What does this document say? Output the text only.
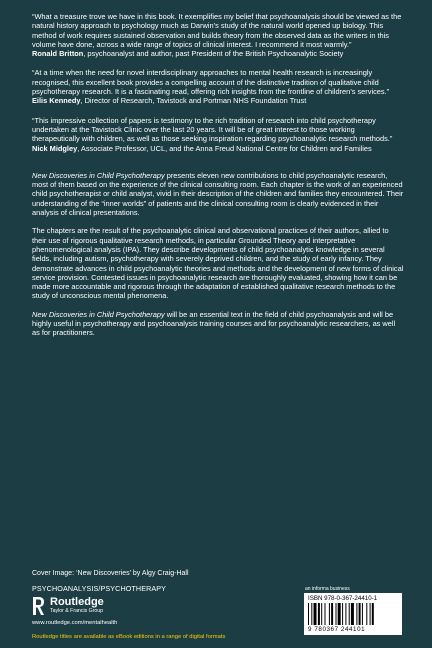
“What a treasure trove we have in this book. It exemplifies my belief that psychoanalysis should be viewed as the natural history approach to psychology much as Darwin’s study of the natural world opened up biology. This method of work requires sustained observation and builds theory from the observed data as the writers in this volume have done, across a wide range of topics of clinical interest. I recommend it most warmly.”

Ronald Britton, psychoanalyst and author, past President of the British Psychoanalytic Society

“At a time when the need for novel interdisciplinary approaches to mental health research is increasingly recognised, this excellent book provides a compelling account of the distinctive tradition of qualitative child psychotherapy research. It is a fascinating read, offering rich insights from the frontline of children’s services.”

Eilis Kennedy, Director of Research, Tavistock and Portman NHS Foundation Trust

“This impressive collection of papers is testimony to the rich tradition of research into child psychotherapy undertaken at the Tavistock Clinic over the last 20 years. It will be of great interest to those working therapeutically with children, as well as those seeking inspiration regarding psychoanalytic research methods.”

Nick Midgley, Associate Professor, UCL, and the Anna Freud National Centre for Children and Families

New Discoveries in Child Psychotherapy presents eleven new contributions to child psychoanalytic research, most of them based on the experience of the clinical consulting room. Each chapter is the work of an experienced child psychotherapist or child analyst, vivid in their description of the children and families they encountered. Their understanding of the “inner worlds” of patients and the clinical consulting room is clearly evidenced in their analysis of clinical presentations.

The chapters are the result of the psychoanalytic clinical and observational practices of their authors, allied to their use of rigorous qualitative research methods, in particular Grounded Theory and interpretative phenomenological analysis (IPA). They describe developments of child psychoanalytic knowledge in several fields, including autism, psychotherapy with severely deprived children, and the study of early infancy. They demonstrate advances in child psychoanalytic theories and methods and the development of new forms of clinical service provision. Contested issues in psychoanalytic research are thoroughly evaluated, showing how it can be made more accountable and rigorous through the adaptation of established qualitative research methods to the study of unconscious mental phenomena.

New Discoveries in Child Psychotherapy will be an essential text in the field of child psychoanalysis and will be highly useful in psychotherapy and psychoanalysis training courses and for psychoanalytic researchers, as well as for practitioners.

Cover Image: ‘New Discoveries’ by Algy Craig-Hall
PSYCHOANALYSIS/PSYCHOTHERAPY
Routledge
Taylor & Francis Group
www.routledge.com/mentalhealth
Routledge titles are available as eBook editions in a range of digital formats
an informa business
ISBN 978-0-367-24410-1
9 780367 244101
